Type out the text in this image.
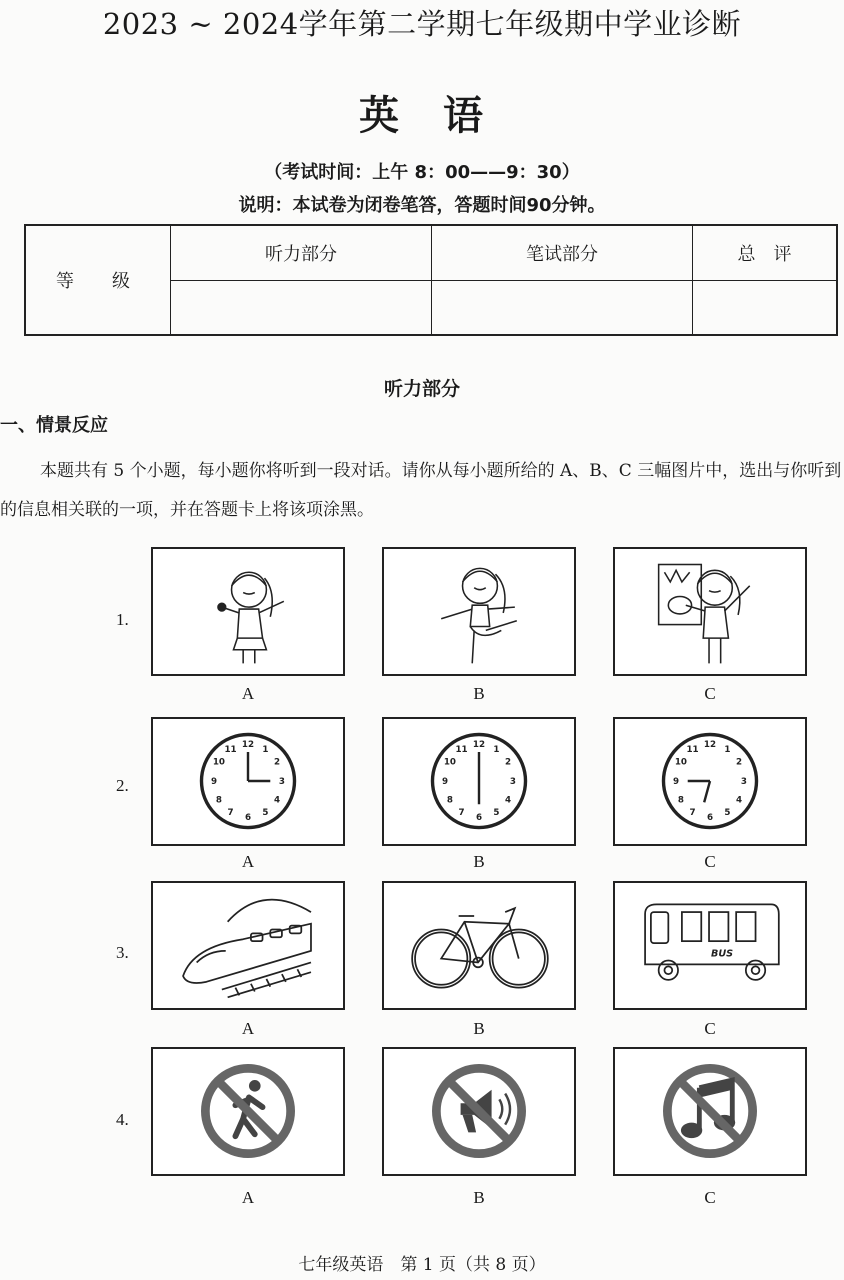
2023 ~ 2024学年第二学期七年级期中学业诊断
英　语
（考试时间：上午 8：00——9：30）
说明：本试卷为闭卷笔答，答题时间90分钟。
等　级
听力部分	笔试部分	总　评
听力部分
一、情景反应
本题共有 5 个小题，每小题你将听到一段对话。请你从每小题所给的 A、B、C 三幅图片中，选出与你听到的信息相关联的一项，并在答题卡上将该项涂黑。
1.
A	B	C
2.
12 1
2
3
4
5
6
7
8
9
10
11	12 1
2
3
4
5
6
7
8
9
10
11	12 1
2
3
4
5
6
7
8
9
10
11
A	B	C
3.	BUS
A	B	C
4.
A	B	C
七年级英语　第 1 页（共 8 页）
